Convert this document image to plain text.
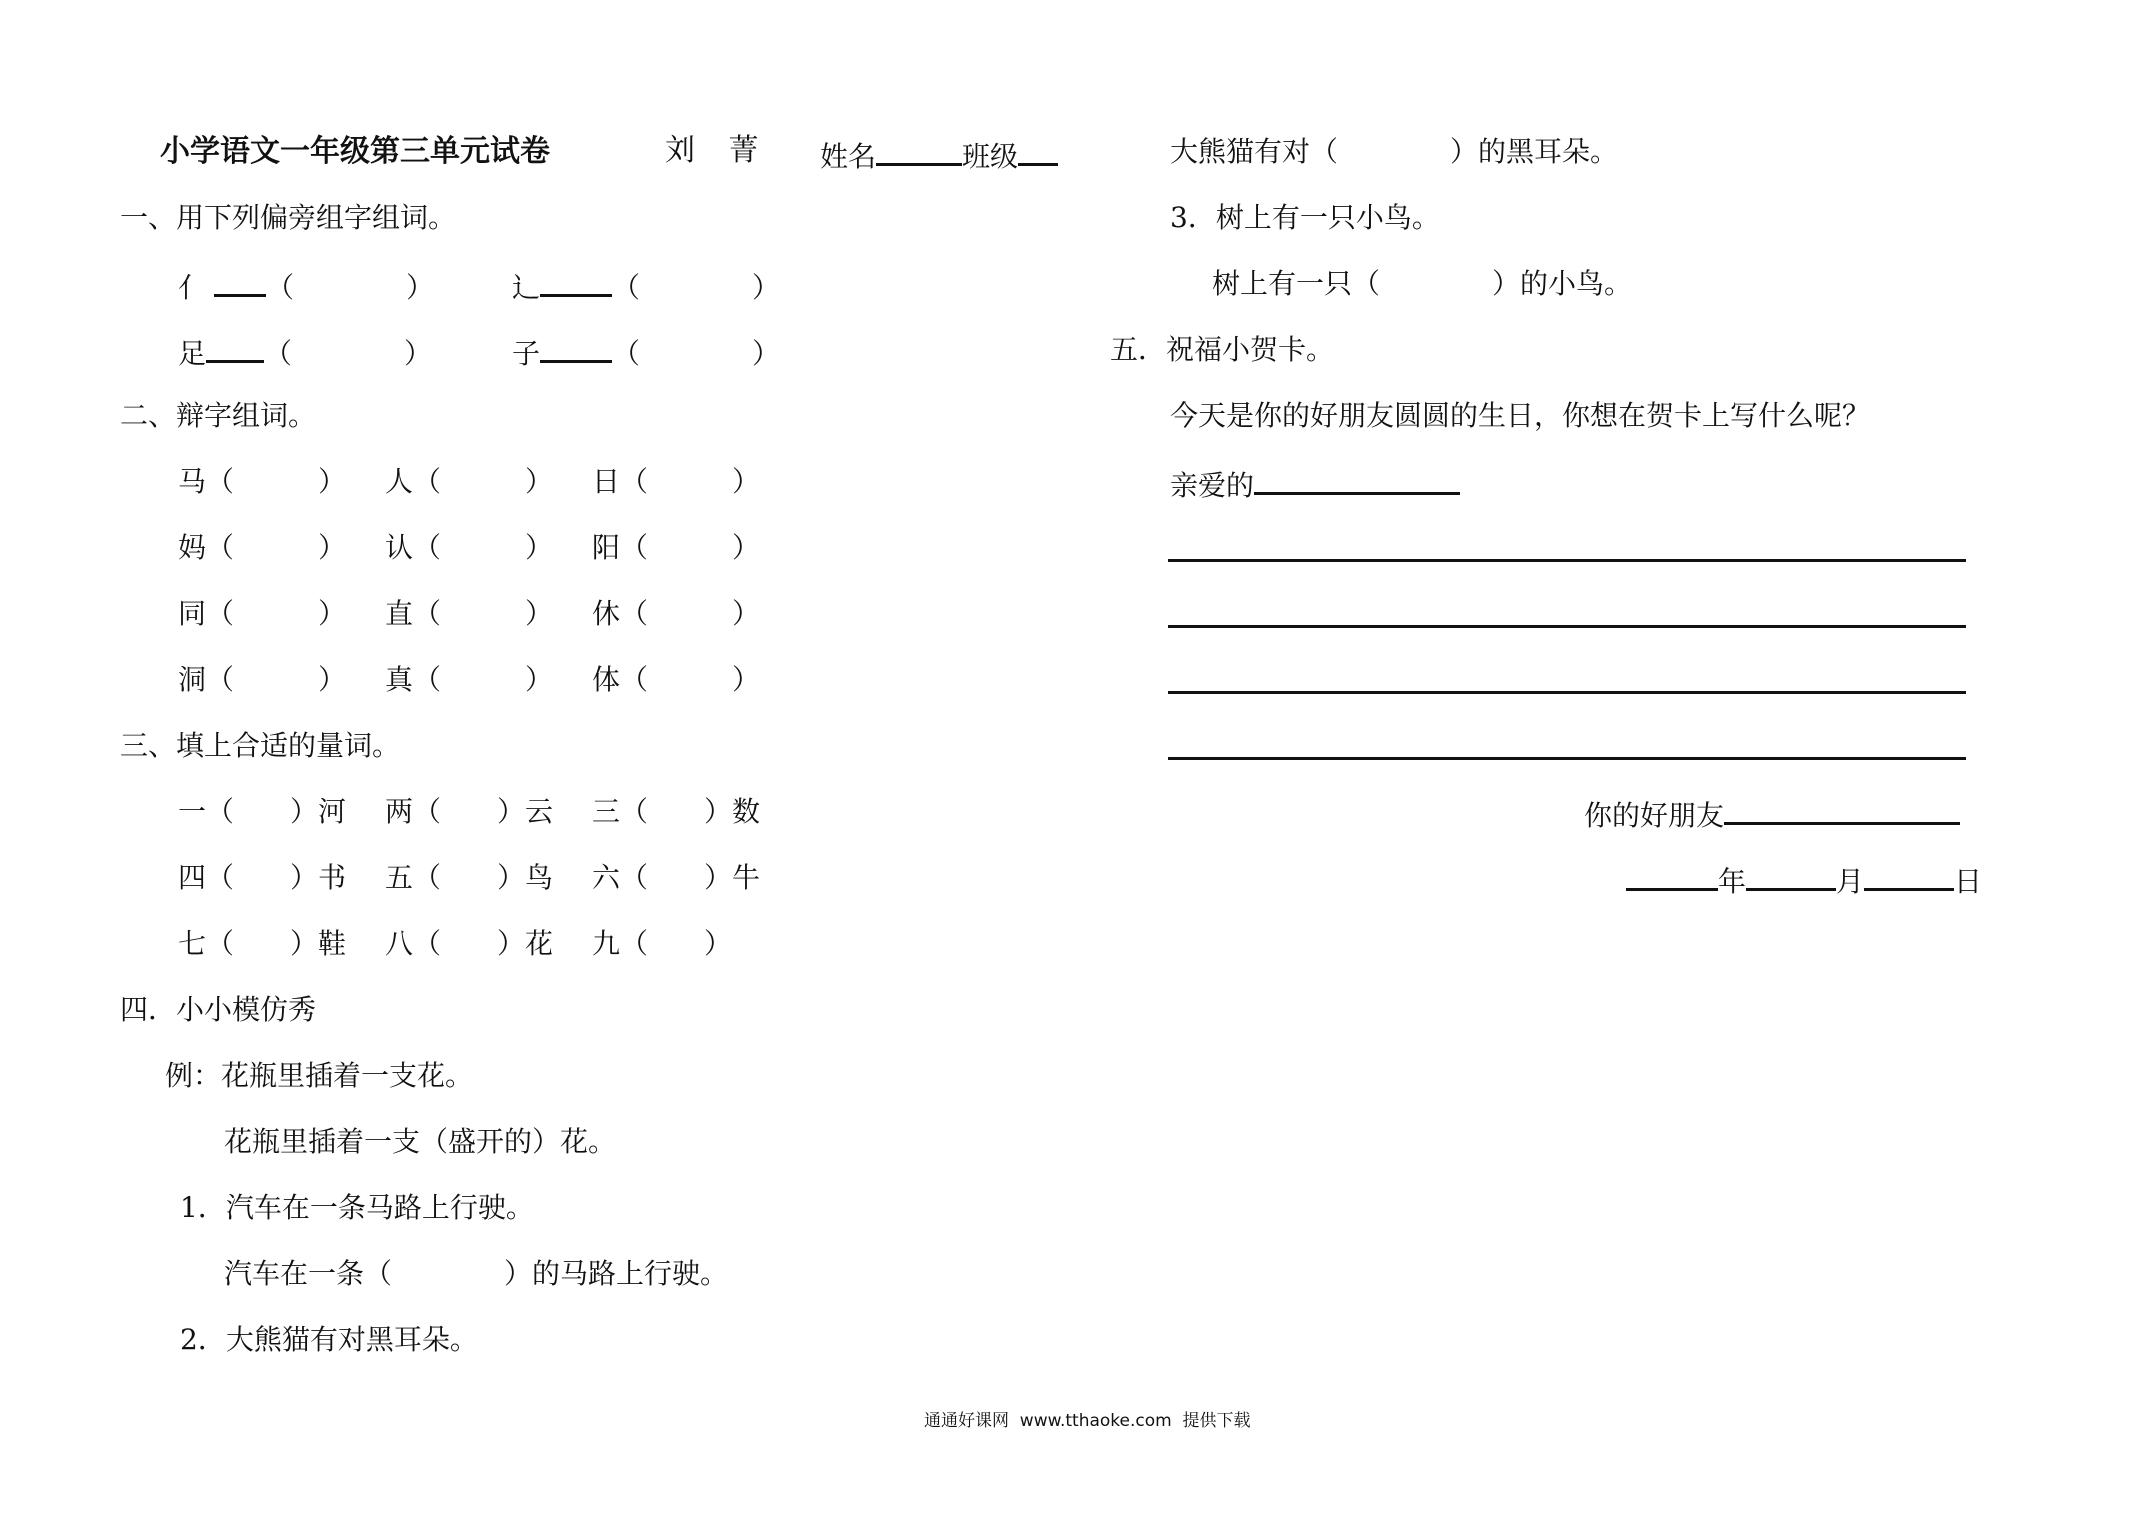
小学语文一年级第三单元试卷	刘 菁 姓名	班级
一、用下列偏旁组字组词。
亻 （　　　　）	辶	（　　　　）
足 （　　　　）	子	（　　　　）
二、辩字组词。
马（　　　） 人（　　　） 日（　　　）
妈（　　　） 认（　　　） 阳（　　　）
同（　　　） 直（　　　） 休（　　　）
洞（　　　） 真（　　　） 体（　　　）
三、填上合适的量词。
一（　　）河 两（　　）云 三（　　）数
四（　　）书 五（　　）鸟 六（　　）牛
七（　　）鞋 八（　　）花 九（　　）
四．小小模仿秀
例：花瓶里插着一支花。
花瓶里插着一支（盛开的）花。
1．汽车在一条马路上行驶。
汽车在一条（　　　　）的马路上行驶。
2．大熊猫有对黑耳朵。
大熊猫有对（　　　　）的黑耳朵。
3．树上有一只小鸟。
树上有一只（　　　　）的小鸟。
五．祝福小贺卡。
今天是你的好朋友圆圆的生日，你想在贺卡上写什么呢？
亲爱的
你的好朋友
年	月	日
通通好课网  www.tthaoke.com  提供下载
